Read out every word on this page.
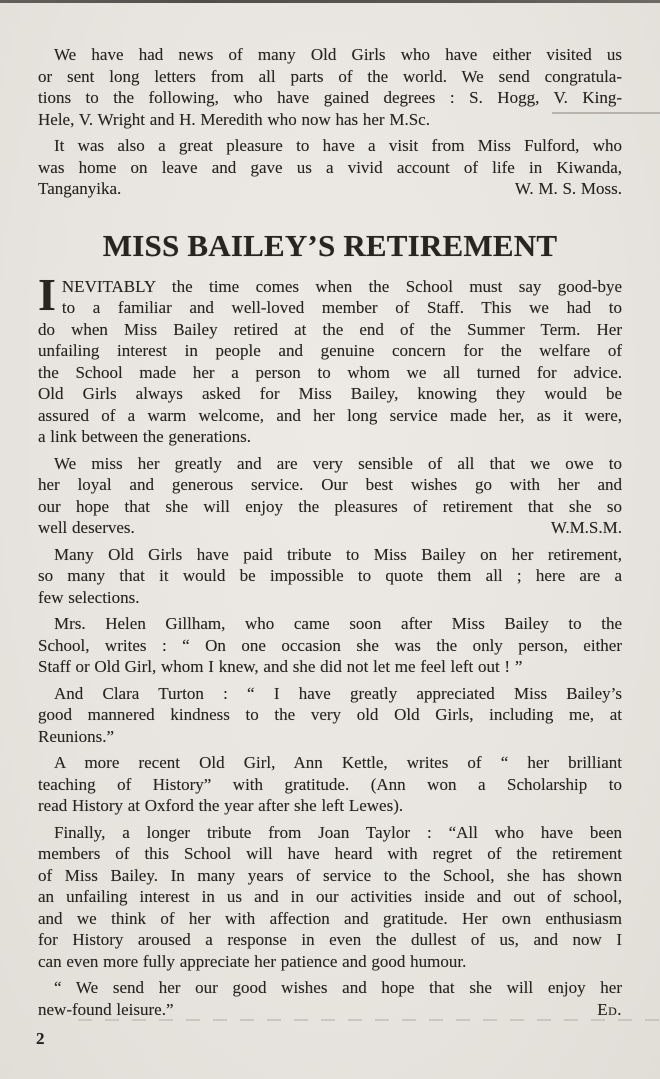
We have had news of many Old Girls who have either visited us
or sent long letters from all parts of the world. We send congratula-
tions to the following, who have gained degrees : S. Hogg, V. King-
Hele, V. Wright and H. Meredith who now has her M.Sc.

It was also a great pleasure to have a visit from Miss Fulford, who
was home on leave and gave us a vivid account of life in Kiwanda,
Tanganyika.	W. M. S. Moss.

MISS BAILEY’S RETIREMENT

I NEVITABLY the time comes when the School must say good-bye
to a familiar and well-loved member of Staff. This we had to
do when Miss Bailey retired at the end of the Summer Term. Her
unfailing interest in people and genuine concern for the welfare of
the School made her a person to whom we all turned for advice.
Old Girls always asked for Miss Bailey, knowing they would be
assured of a warm welcome, and her long service made her, as it were,
a link between the generations.

We miss her greatly and are very sensible of all that we owe to
her loyal and generous service. Our best wishes go with her and
our hope that she will enjoy the pleasures of retirement that she so
well deserves.	W.M.S.M.

Many Old Girls have paid tribute to Miss Bailey on her retirement,
so many that it would be impossible to quote them all ; here are a
few selections.

Mrs. Helen Gillham, who came soon after Miss Bailey to the
School, writes : “ On one occasion she was the only person, either
Staff or Old Girl, whom I knew, and she did not let me feel left out ! ”

And Clara Turton : “ I have greatly appreciated Miss Bailey’s
good mannered kindness to the very old Old Girls, including me, at
Reunions.”

A more recent Old Girl, Ann Kettle, writes of “ her brilliant
teaching of History” with gratitude. (Ann won a Scholarship to
read History at Oxford the year after she left Lewes).

Finally, a longer tribute from Joan Taylor : “All who have been
members of this School will have heard with regret of the retirement
of Miss Bailey. In many years of service to the School, she has shown
an unfailing interest in us and in our activities inside and out of school,
and we think of her with affection and gratitude. Her own enthusiasm
for History aroused a response in even the dullest of us, and now I
can even more fully appreciate her patience and good humour.

“ We send her our good wishes and hope that she will enjoy her
new-found leisure.”	Ed.

2
